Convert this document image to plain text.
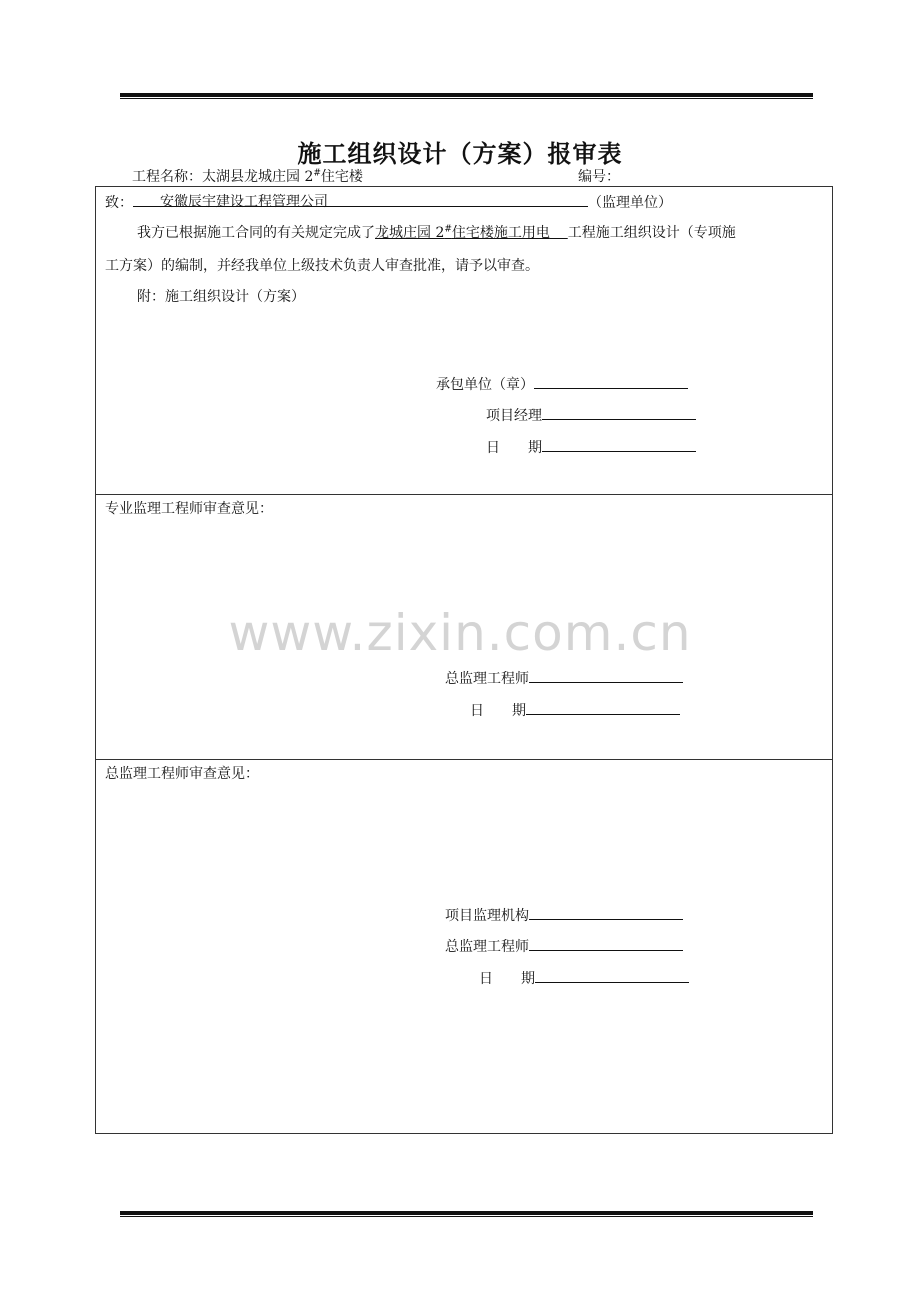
施工组织设计（方案）报审表
工程名称：太湖县龙城庄园 2#住宅楼	编号：
致： 安徽辰宇建设工程管理公司	（监理单位）
我方已根据施工合同的有关规定完成了龙城庄园 2#住宅楼施工用电 工程施工组织设计（专项施
工方案）的编制，并经我单位上级技术负责人审查批准，请予以审查。
附：施工组织设计（方案）
承包单位（章）
项目经理
日　　期
专业监理工程师审查意见：
总监理工程师
日　　期
总监理工程师审查意见：
项目监理机构
总监理工程师
日　　期
www.zixin.com.cn
